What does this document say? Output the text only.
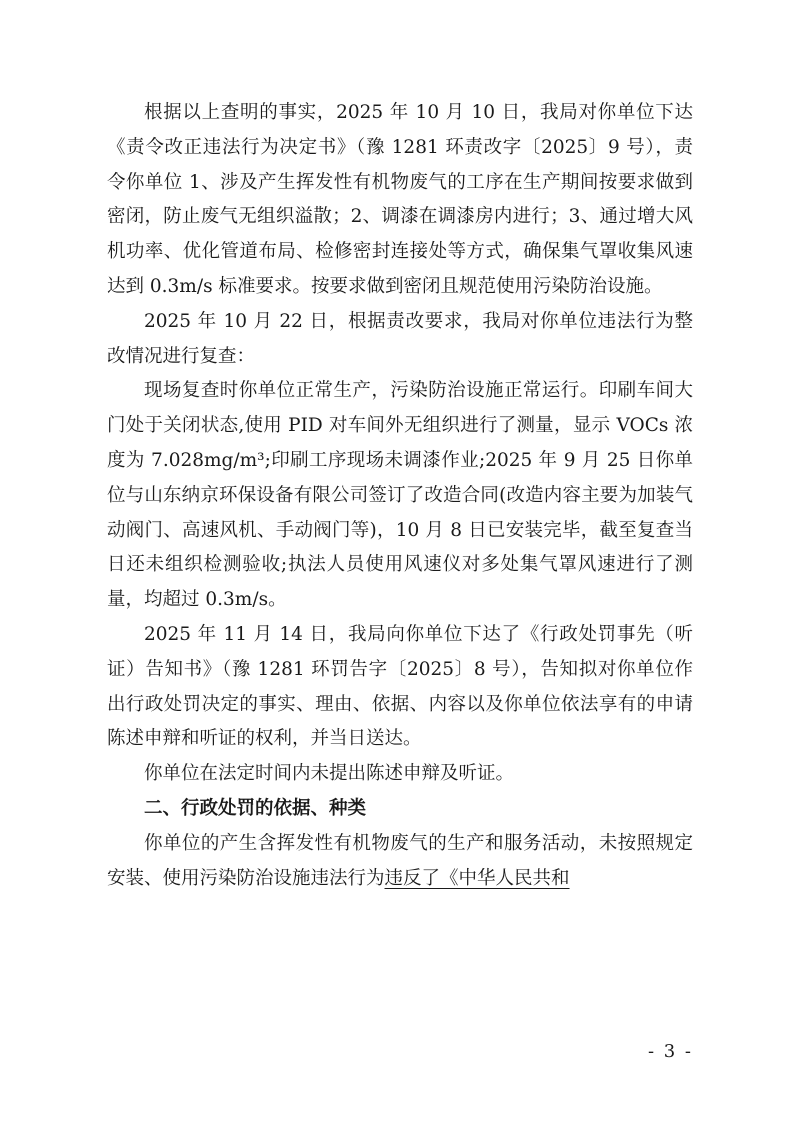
根据以上查明的事实，2025 年 10 月 10 日，我局对你单位下达《责令改正违法行为决定书》（豫 1281 环责改字〔2025〕9 号），责令你单位 1、涉及产生挥发性有机物废气的工序在生产期间按要求做到密闭，防止废气无组织溢散；2、调漆在调漆房内进行；3、通过增大风机功率、优化管道布局、检修密封连接处等方式，确保集气罩收集风速达到 0.3m/s 标准要求。按要求做到密闭且规范使用污染防治设施。

2025 年 10 月 22 日，根据责改要求，我局对你单位违法行为整改情况进行复查：

现场复查时你单位正常生产，污染防治设施正常运行。印刷车间大门处于关闭状态,使用 PID 对车间外无组织进行了测量，显示 VOCs 浓度为 7.028mg/m³;印刷工序现场未调漆作业;2025 年 9 月 25 日你单位与山东纳京环保设备有限公司签订了改造合同(改造内容主要为加装气动阀门、高速风机、手动阀门等)，10 月 8 日已安装完毕，截至复查当日还未组织检测验收;执法人员使用风速仪对多处集气罩风速进行了测量，均超过 0.3m/s。

2025 年 11 月 14 日，我局向你单位下达了《行政处罚事先（听证）告知书》（豫 1281 环罚告字〔2025〕8 号），告知拟对你单位作出行政处罚决定的事实、理由、依据、内容以及你单位依法享有的申请陈述申辩和听证的权利，并当日送达。

你单位在法定时间内未提出陈述申辩及听证。

二、行政处罚的依据、种类

你单位的产生含挥发性有机物废气的生产和服务活动，未按照规定安装、使用污染防治设施违法行为违反了《中华人民共和

- 3 -
